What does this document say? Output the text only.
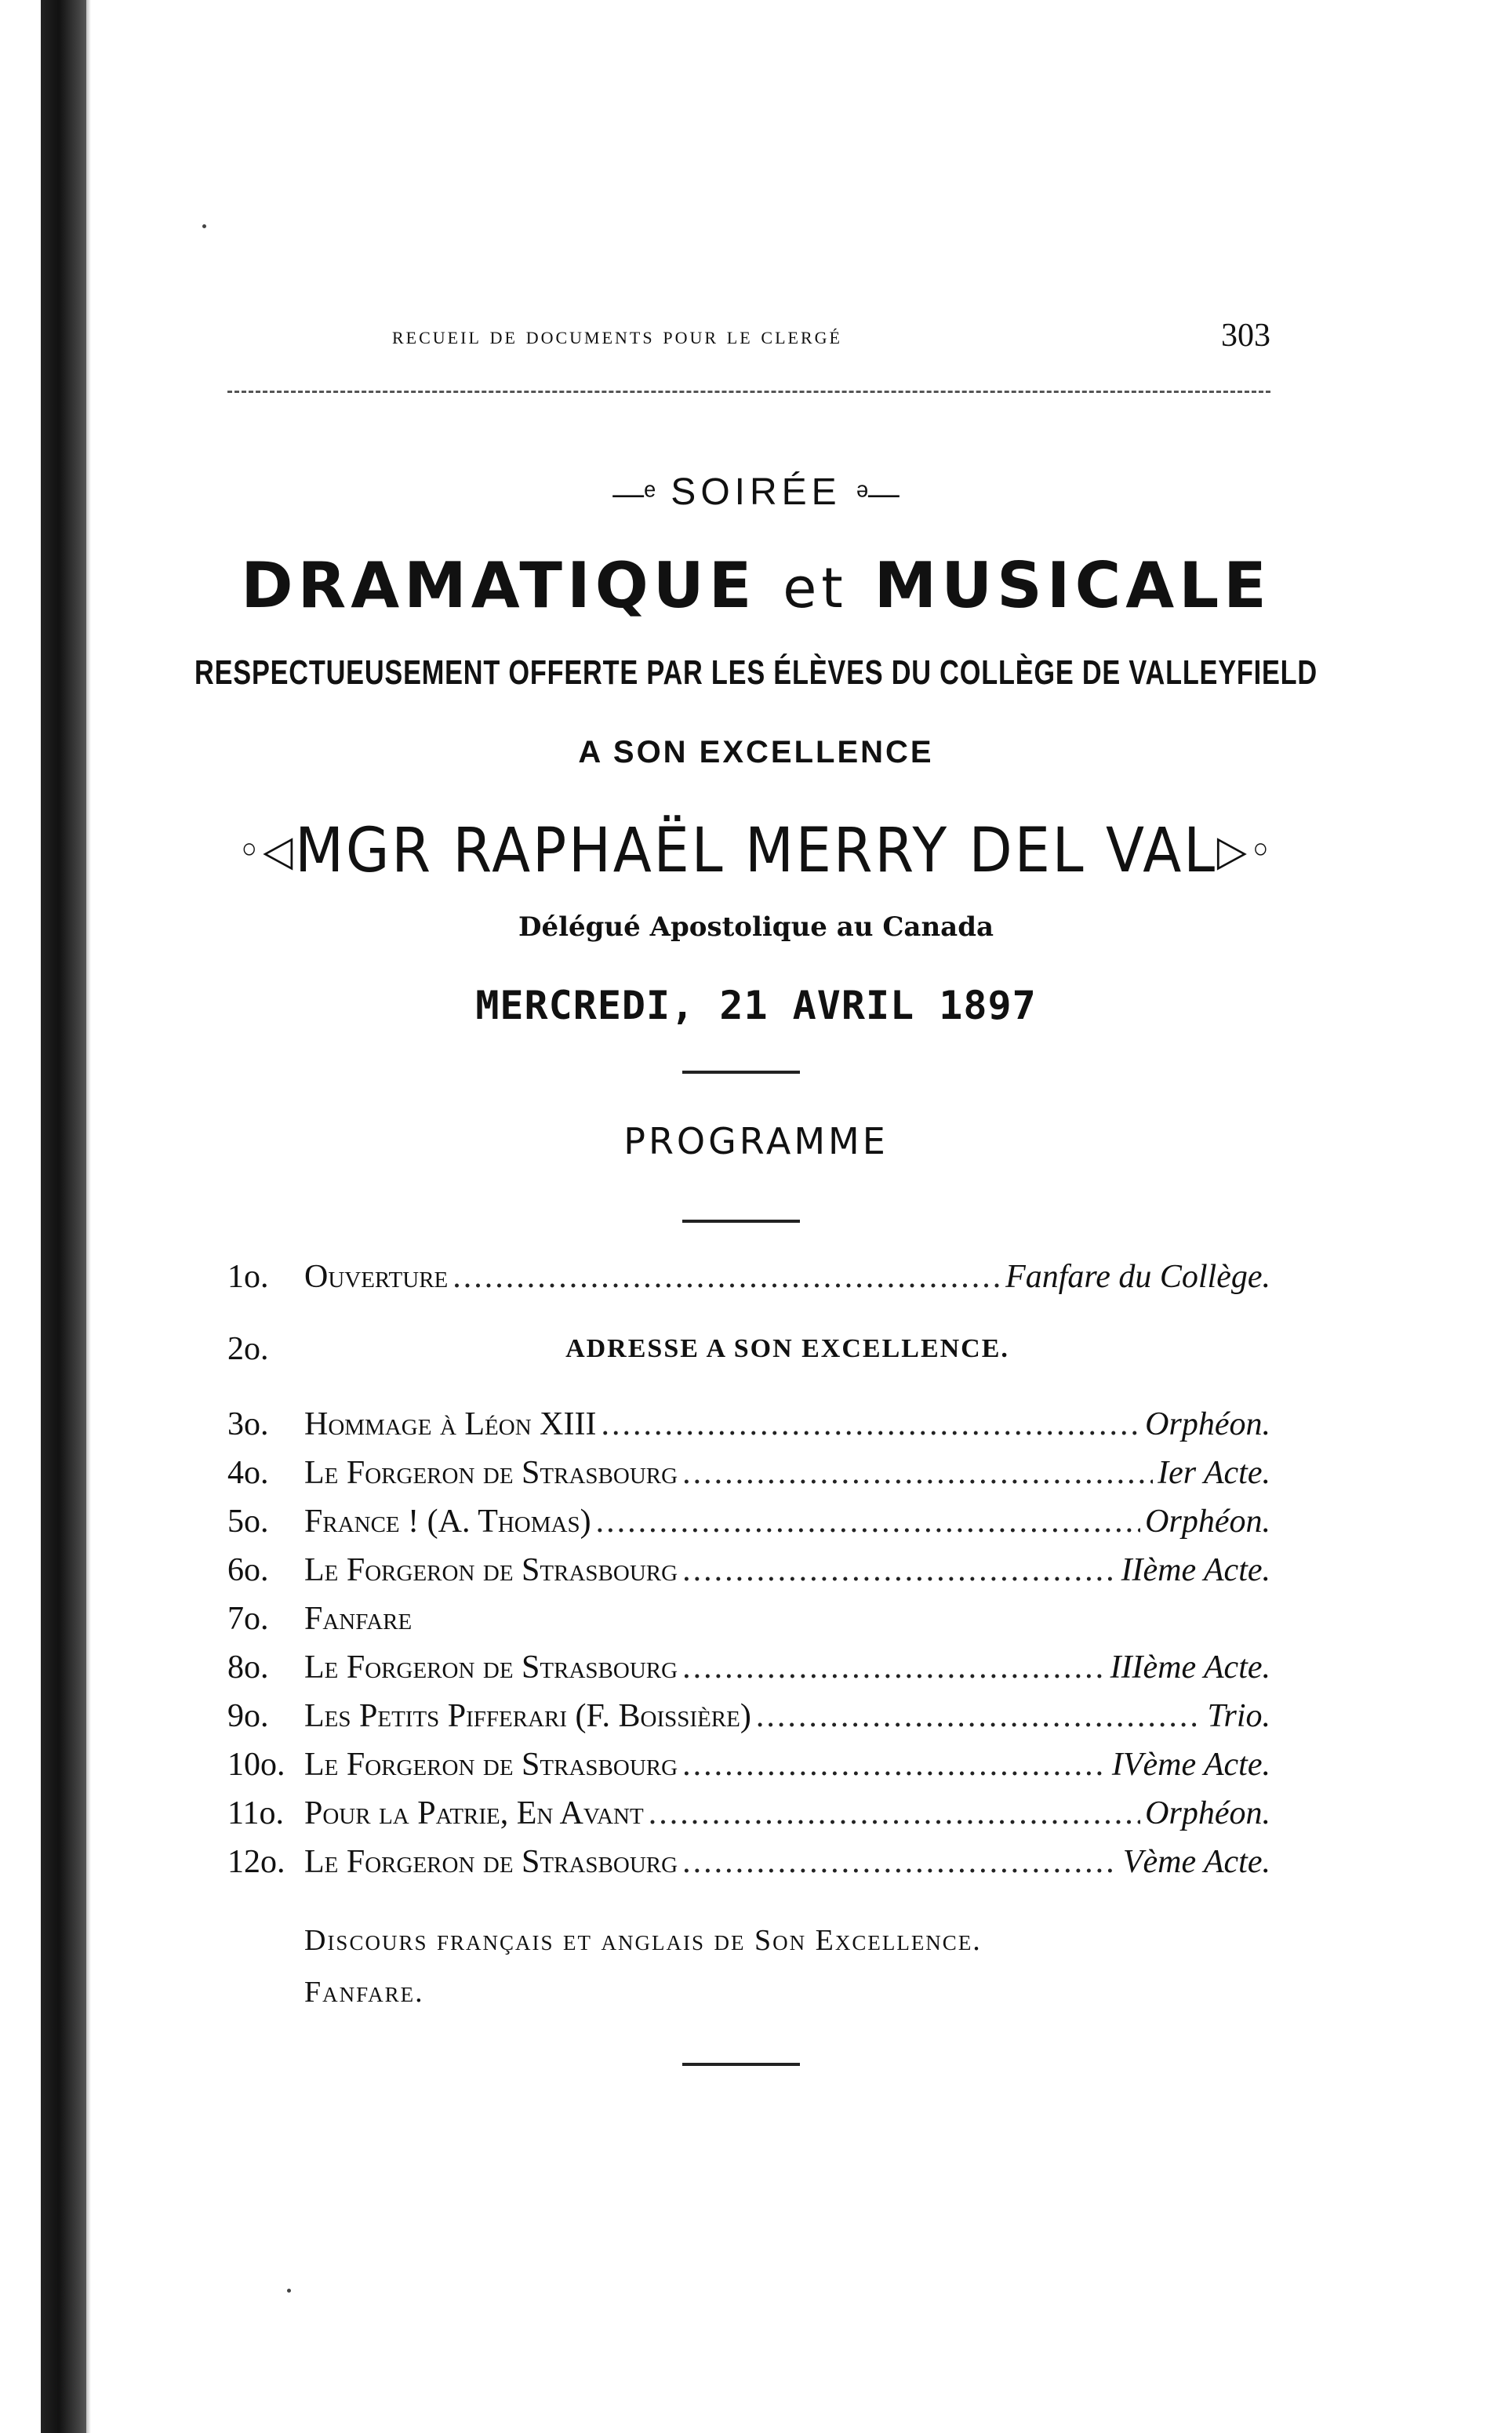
recueil de documents pour le clergé	303
—ᵉ SOIRÉE ᵊ—
DRAMATIQUE et MUSICALE
RESPECTUEUSEMENT OFFERTE PAR LES ÉLÈVES DU COLLÈGE DE VALLEYFIELD
A SON EXCELLENCE
◦◁MGR RAPHAËL MERRY DEL VAL▷◦
Délégué Apostolique au Canada
MERCREDI, 21 AVRIL 1897
PROGRAMME
1o.	Ouverture .....	Fanfare du Collège.
2o.	ADRESSE A SON EXCELLENCE.
3o.	Hommage à Léon XIII .....	Orphéon.
4o.	Le Forgeron de Strasbourg .....	Ier Acte.
5o.	France ! (A. Thomas) .....	Orphéon.
6o.	Le Forgeron de Strasbourg .....	IIème Acte.
7o.	Fanfare
8o.	Le Forgeron de Strasbourg .....	IIIème Acte.
9o.	Les Petits Pifferari (F. Boissière) .....	Trio.
10o. Le Forgeron de Strasbourg .....	IVème Acte.
11o. Pour la Patrie, En Avant .....	Orphéon.
12o. Le Forgeron de Strasbourg .....	Vème Acte.
Discours français et anglais de Son Excellence.
Fanfare.
